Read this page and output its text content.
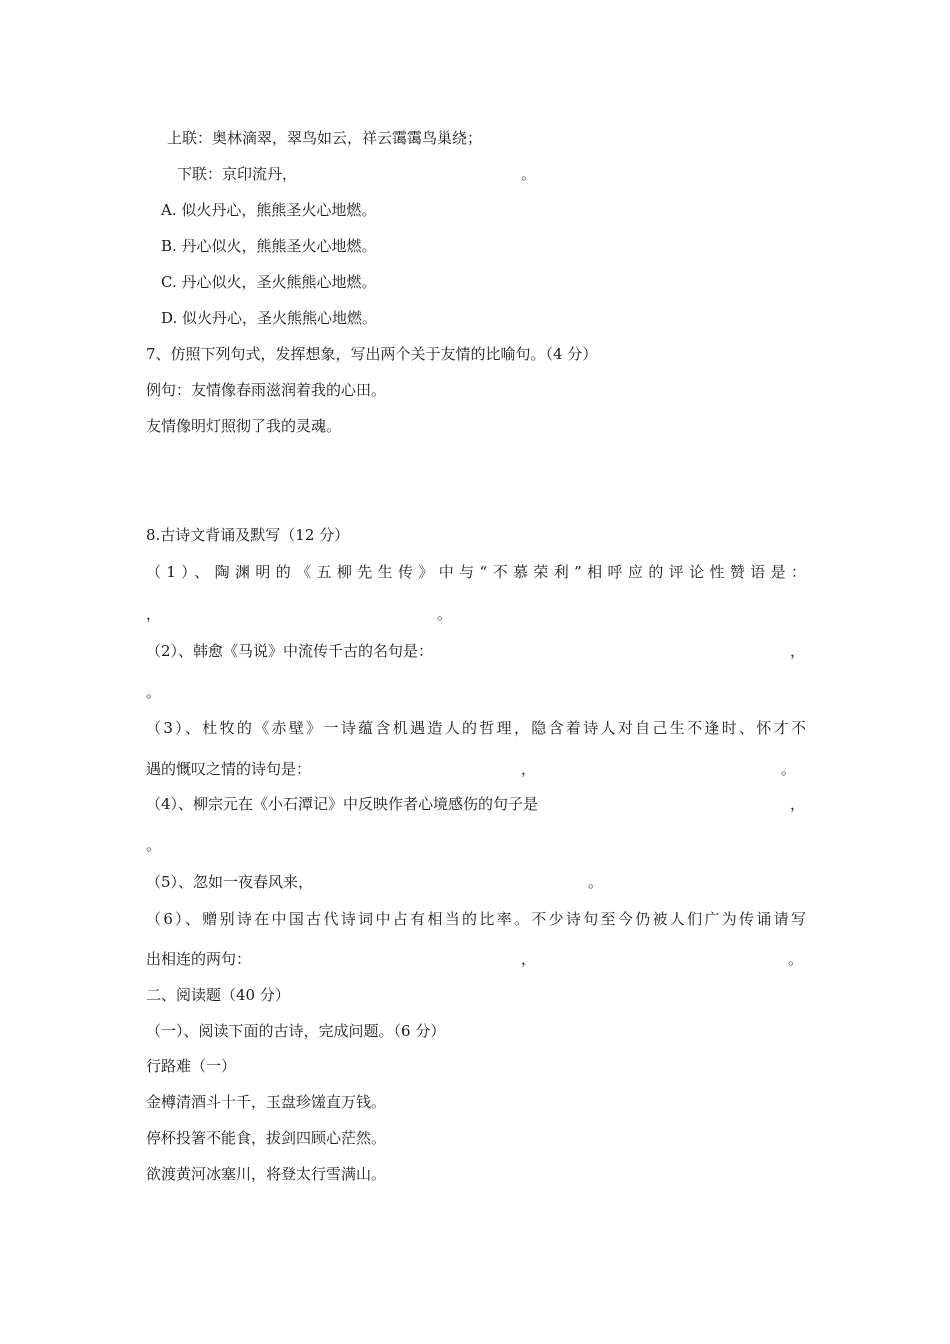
上联：奥林滴翠，翠鸟如云，祥云霭霭鸟巢绕；
下联：京印流丹，	。
A. 似火丹心，熊熊圣火心地燃。
B. 丹心似火，熊熊圣火心地燃。
C. 丹心似火，圣火熊熊心地燃。
D. 似火丹心，圣火熊熊心地燃。
7、仿照下列句式，发挥想象，写出两个关于友情的比喻句。（4 分）
例句：友情像春雨滋润着我的心田。
友情像明灯照彻了我的灵魂。
8.古诗文背诵及默写（12 分）
（1）、陶渊明的《五柳先生传》中与“不慕荣利”相呼应的评论性赞语是：
，	。
（2）、韩愈《马说》中流传千古的名句是：	，
。
（3）、杜牧的《赤壁》一诗蕴含机遇造人的哲理，隐含着诗人对自己生不逢时、怀才不
遇的慨叹之情的诗句是：	，	。
（4）、柳宗元在《小石潭记》中反映作者心境感伤的句子是	，
。
（5）、忽如一夜春风来，	。
（6）、赠别诗在中国古代诗词中占有相当的比率。不少诗句至今仍被人们广为传诵请写
出相连的两句：	，	。
二、阅读题（40 分）
（一）、阅读下面的古诗，完成问题。（6 分）
行路难（一）
金樽清酒斗十千，玉盘珍馐直万钱。
停杯投箸不能食，拔剑四顾心茫然。
欲渡黄河冰塞川，将登太行雪满山。
